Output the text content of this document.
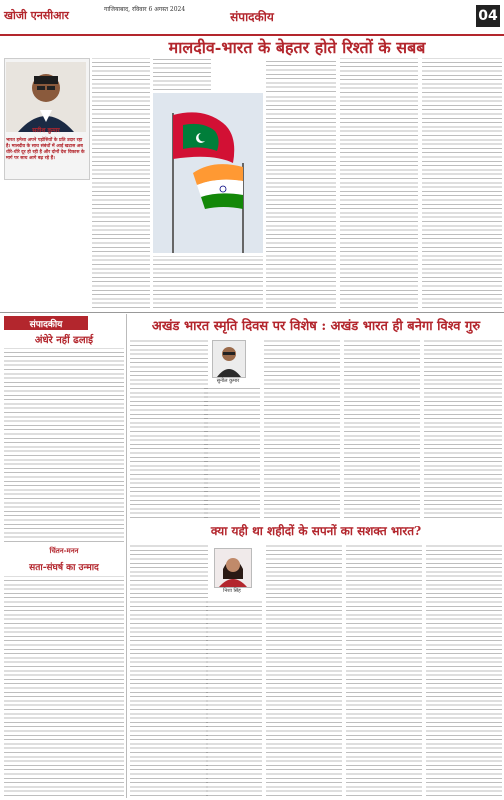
खोजी एनसीआर	गाजियाबाद, रविवार 6 अगस्त 2024
संपादकीय	04
मालदीव-भारत के बेहतर होते रिश्तों के सबब
सतीश कुमार
भारत हमेशा अपने पड़ोसियों के प्रति उदार रहा है। मालदीव के साथ संबंधों में आई खटास अब धीरे-धीरे दूर हो रही है और दोनों देश विकास के मार्ग पर साथ आगे बढ़ रहे हैं।
संपादकीय
अंधेरे नहीं ढलाई
चिंतन-मनन
सता-संघर्ष का उन्माद
अखंड भारत स्मृति दिवस पर विशेष : अखंड भारत ही बनेगा विश्व गुरु
सुनील कुमार
क्या यही था शहीदों के सपनों का सशक्त भारत?
निशा सिंह
